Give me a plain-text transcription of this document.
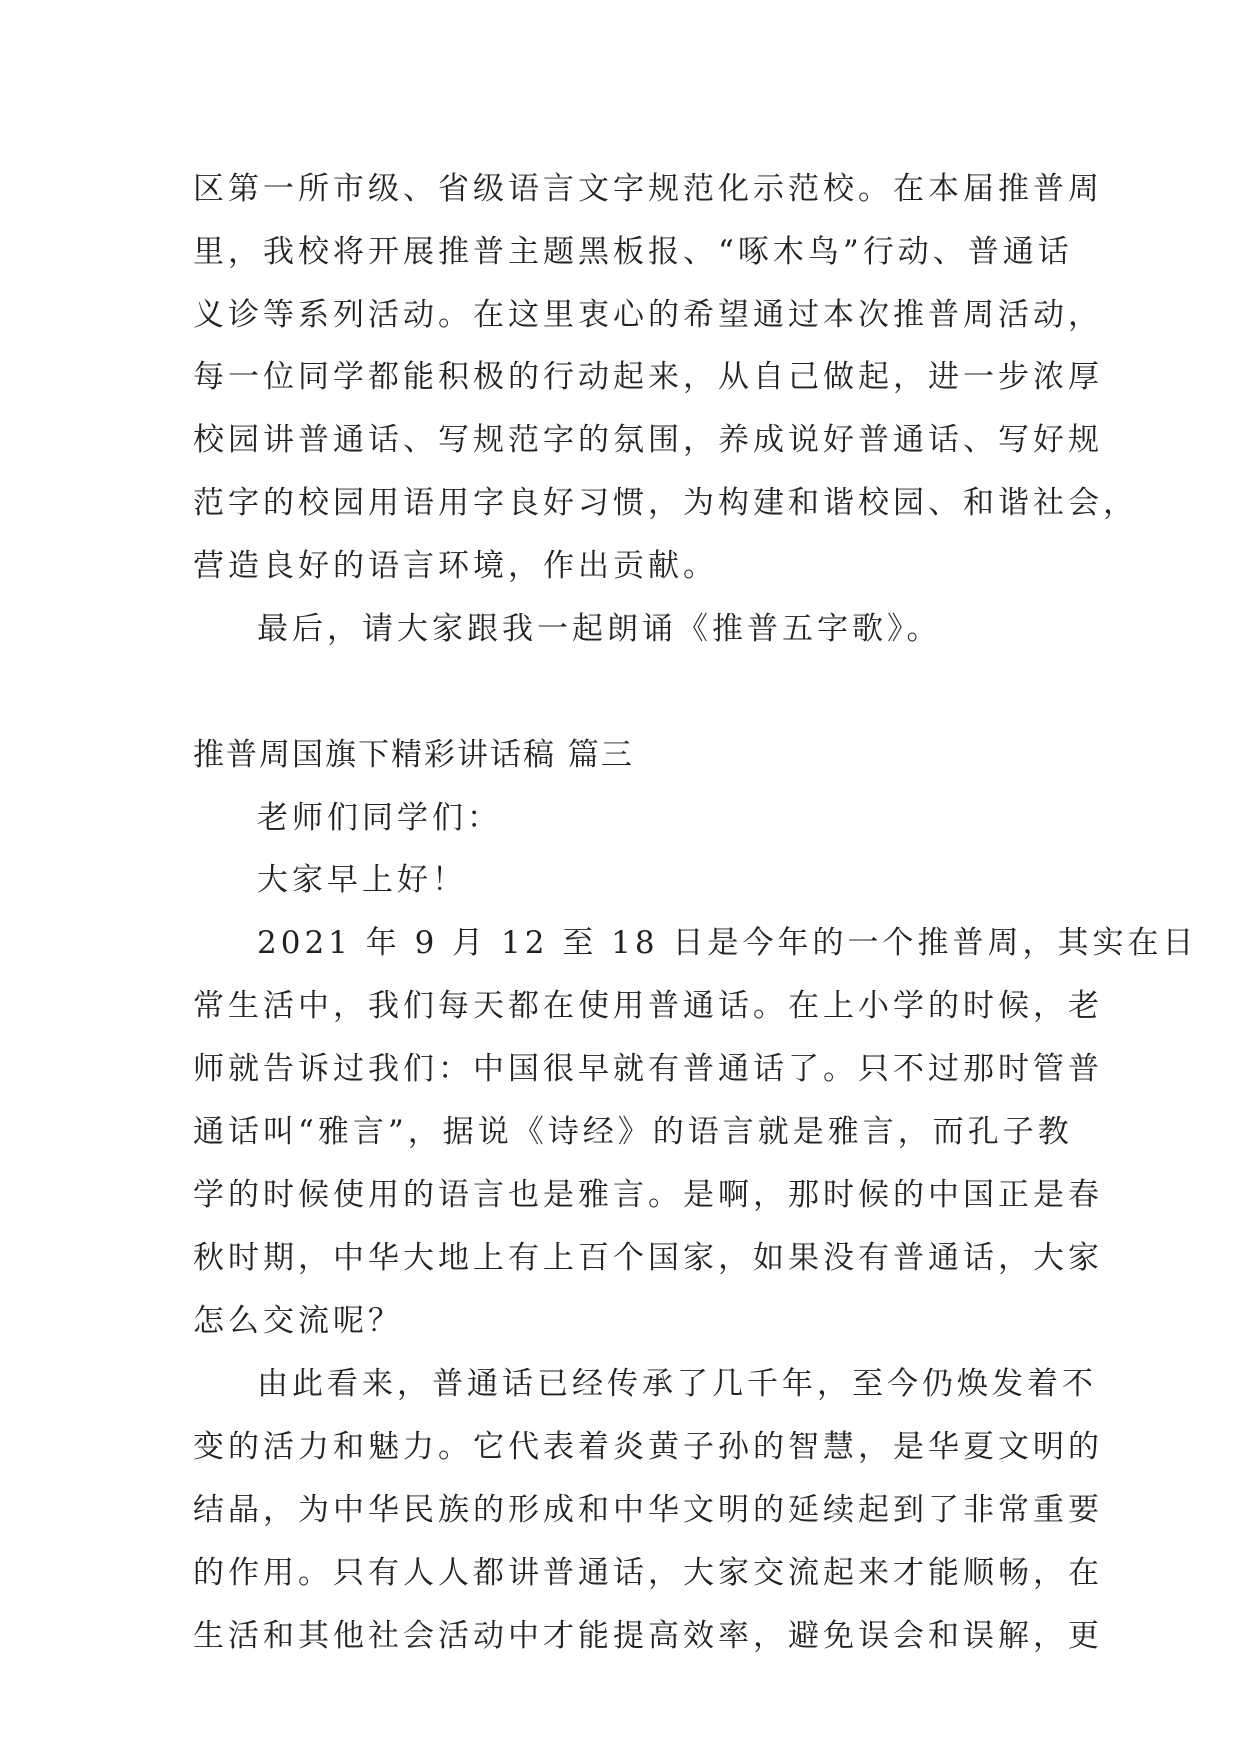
区第一所市级、省级语言文字规范化示范校。在本届推普周
里，我校将开展推普主题黑板报、“啄木鸟”行动、普通话
义诊等系列活动。在这里衷心的希望通过本次推普周活动，
每一位同学都能积极的行动起来，从自己做起，进一步浓厚
校园讲普通话、写规范字的氛围，养成说好普通话、写好规
范字的校园用语用字良好习惯，为构建和谐校园、和谐社会，
营造良好的语言环境，作出贡献。
最后，请大家跟我一起朗诵《推普五字歌》。
推普周国旗下精彩讲话稿 篇三
老师们同学们：
大家早上好！
2021 年 9 月 12 至 18 日是今年的一个推普周，其实在日
常生活中，我们每天都在使用普通话。在上小学的时候，老
师就告诉过我们：中国很早就有普通话了。只不过那时管普
通话叫“雅言”，据说《诗经》的语言就是雅言，而孔子教
学的时候使用的语言也是雅言。是啊，那时候的中国正是春
秋时期，中华大地上有上百个国家，如果没有普通话，大家
怎么交流呢？
由此看来，普通话已经传承了几千年，至今仍焕发着不
变的活力和魅力。它代表着炎黄子孙的智慧，是华夏文明的
结晶，为中华民族的形成和中华文明的延续起到了非常重要
的作用。只有人人都讲普通话，大家交流起来才能顺畅，在
生活和其他社会活动中才能提高效率，避免误会和误解，更
